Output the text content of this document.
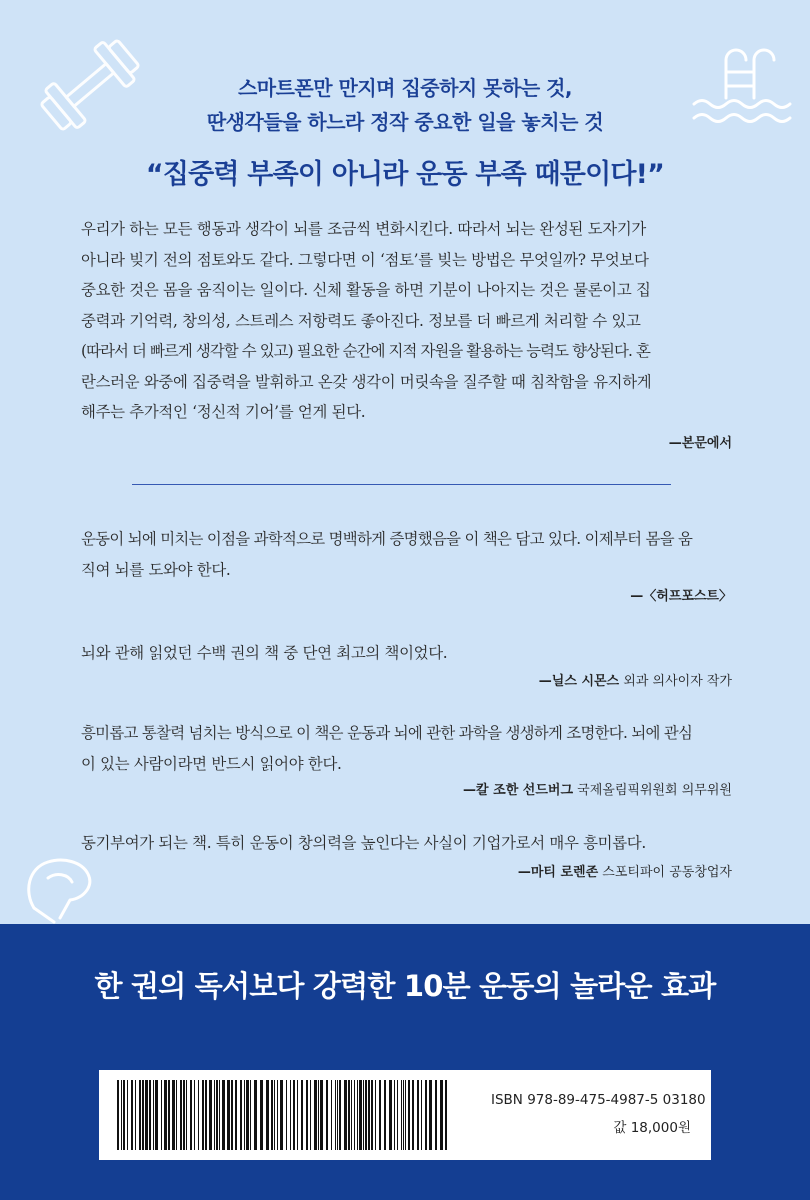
스마트폰만 만지며 집중하지 못하는 것,
딴생각들을 하느라 정작 중요한 일을 놓치는 것
“집중력 부족이 아니라 운동 부족 때문이다!”
우리가 하는 모든 행동과 생각이 뇌를 조금씩 변화시킨다. 따라서 뇌는 완성된 도자기가
아니라 빚기 전의 점토와도 같다. 그렇다면 이 ‘점토’를 빚는 방법은 무엇일까? 무엇보다
중요한 것은 몸을 움직이는 일이다. 신체 활동을 하면 기분이 나아지는 것은 물론이고 집
중력과 기억력, 창의성, 스트레스 저항력도 좋아진다. 정보를 더 빠르게 처리할 수 있고
(따라서 더 빠르게 생각할 수 있고) 필요한 순간에 지적 자원을 활용하는 능력도 향상된다. 혼
란스러운 와중에 집중력을 발휘하고 온갖 생각이 머릿속을 질주할 때 침착함을 유지하게
해주는 추가적인 ‘정신적 기어’를 얻게 된다.
—본문에서
운동이 뇌에 미치는 이점을 과학적으로 명백하게 증명했음을 이 책은 담고 있다. 이제부터 몸을 움
직여 뇌를 도와야 한다.
—〈허프포스트〉
뇌와 관해 읽었던 수백 권의 책 중 단연 최고의 책이었다.
—닐스 시몬스 외과 의사이자 작가
흥미롭고 통찰력 넘치는 방식으로 이 책은 운동과 뇌에 관한 과학을 생생하게 조명한다. 뇌에 관심
이 있는 사람이라면 반드시 읽어야 한다.
—칼 조한 선드버그 국제올림픽위원회 의무위원
동기부여가 되는 책. 특히 운동이 창의력을 높인다는 사실이 기업가로서 매우 흥미롭다.
—마티 로렌존 스포티파이 공동창업자
한 권의 독서보다 강력한 10분 운동의 놀라운 효과
ISBN 978-89-475-4987-5 03180
값 18,000원
